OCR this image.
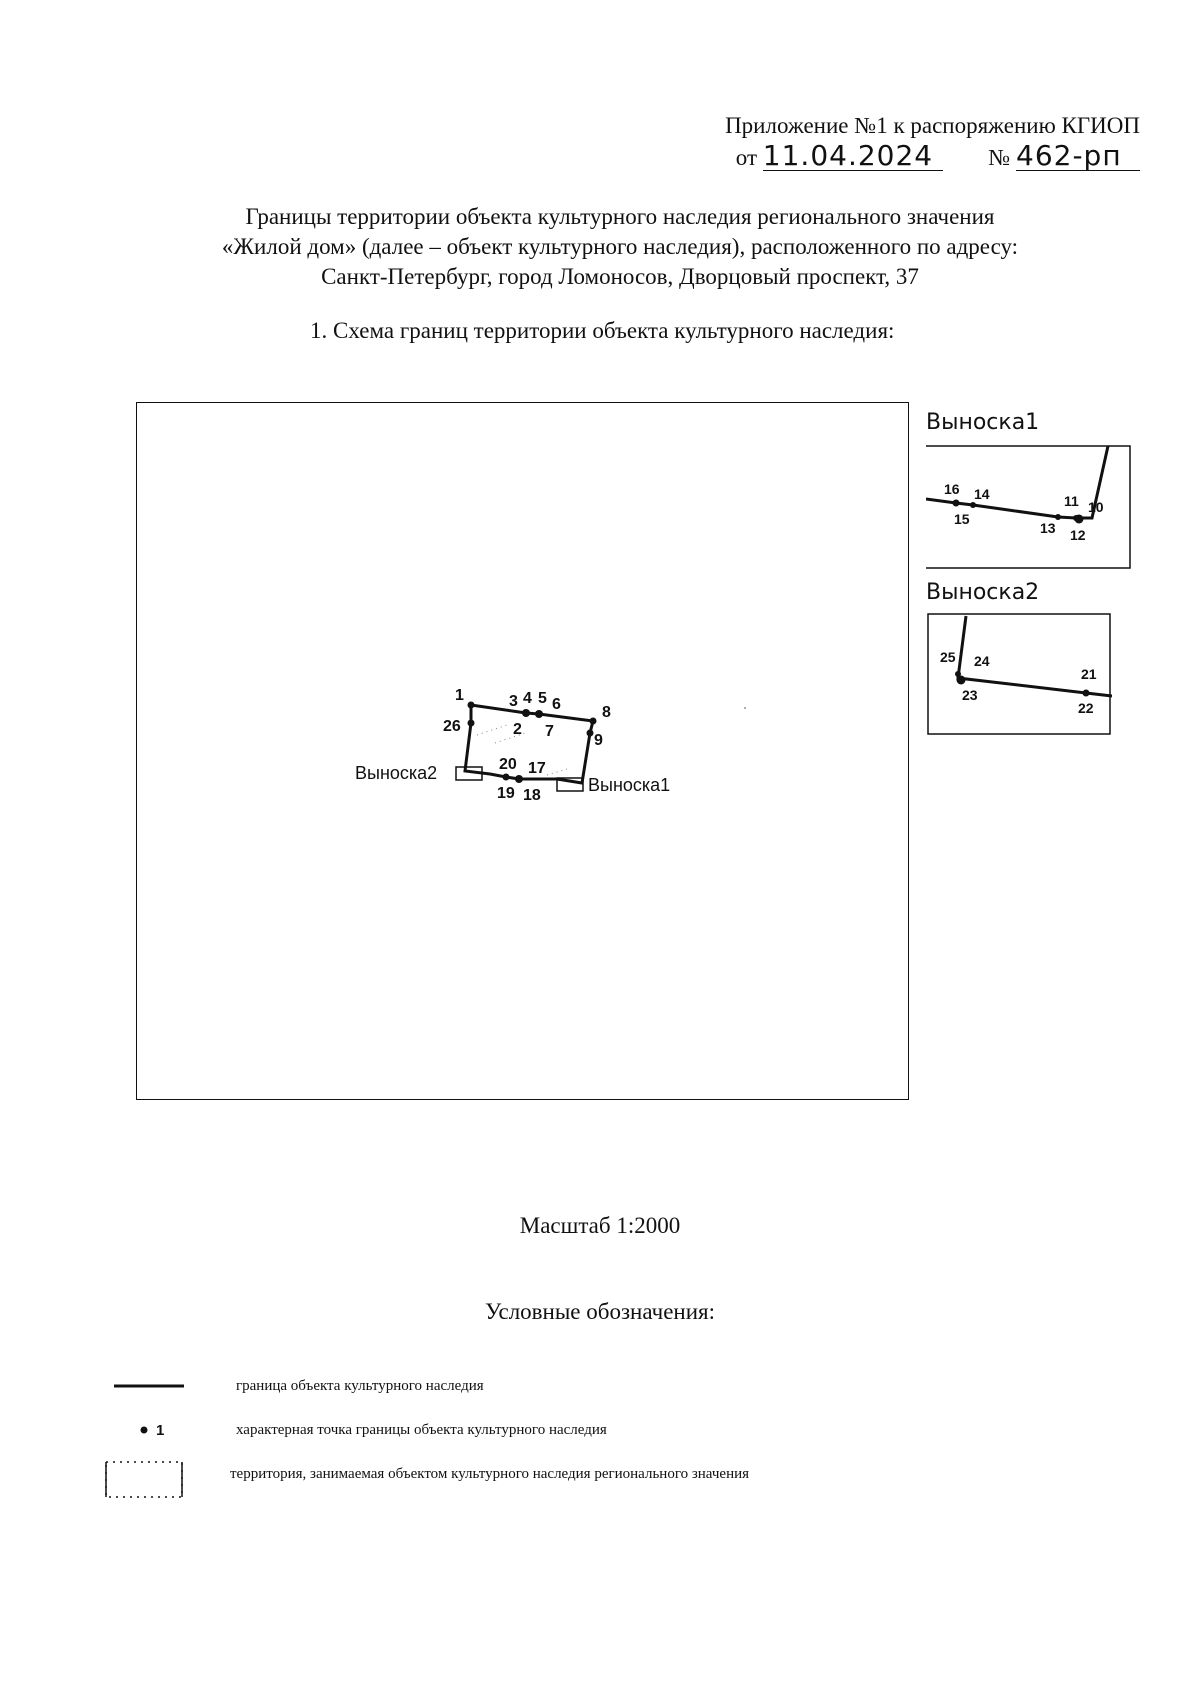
Приложение №1 к распоряжению КГИОП
от 11.04.2024 № 462-рп
Границы территории объекта культурного наследия регионального значения
«Жилой дом» (далее – объект культурного наследия), расположенного по адресу:
Санкт-Петербург, город Ломоносов, Дворцовый проспект, 37
1. Схема границ территории объекта культурного наследия:
1
2
3 4 5 6
7
8
9
17
18
19
20
26
Выноска2
Выноска1
Выноска1
16 14
15
11 10
13 12
Выноска2
25 24
23
21
22
Масштаб 1:2000
Условные обозначения:
1
граница объекта культурного наследия
характерная точка границы объекта культурного наследия
территория, занимаемая объектом культурного наследия регионального значения
